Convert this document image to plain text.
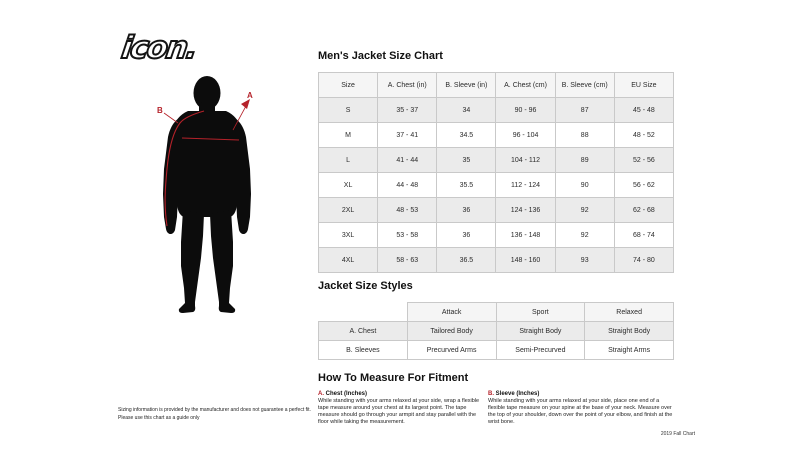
icon.
B
A
Men's Jacket Size Chart
Size	A. Chest (in)	B. Sleeve (in)	A. Chest (cm)	B. Sleeve (cm)	EU Size
S	35 - 37	34	90 - 96	87	45 - 48
M	37 - 41	34.5	96 - 104	88	48 - 52
L	41 - 44	35	104 - 112	89	52 - 56
XL	44 - 48	35.5	112 - 124	90	56 - 62
2XL	48 - 53	36	124 - 136	92	62 - 68
3XL	53 - 58	36	136 - 148	92	68 - 74
4XL	58 - 63	36.5	148 - 160	93	74 - 80
Jacket Size Styles
	Attack	Sport	Relaxed
A. Chest	Tailored Body	Straight Body	Straight Body
B. Sleeves	Precurved Arms	Semi-Precurved	Straight Arms
How To Measure For Fitment
A. Chest (Inches)

While standing with your arms relaxed at your side, wrap a flexible tape measure around your chest at its largest point. The tape measure should go through your armpit and stay parallel with the floor while taking the measurement.

B. Sleeve (Inches)

While standing with your arms relaxed at your side, place one end of a flexible tape measure on your spine at the base of your neck. Measure over the top of your shoulder, down over the point of your elbow, and finish at the wrist bone.

Sizing information is provided by the manufacturer and does not guarantee a perfect fit.
Please use this chart as a guide only
2019 Fall Chart
